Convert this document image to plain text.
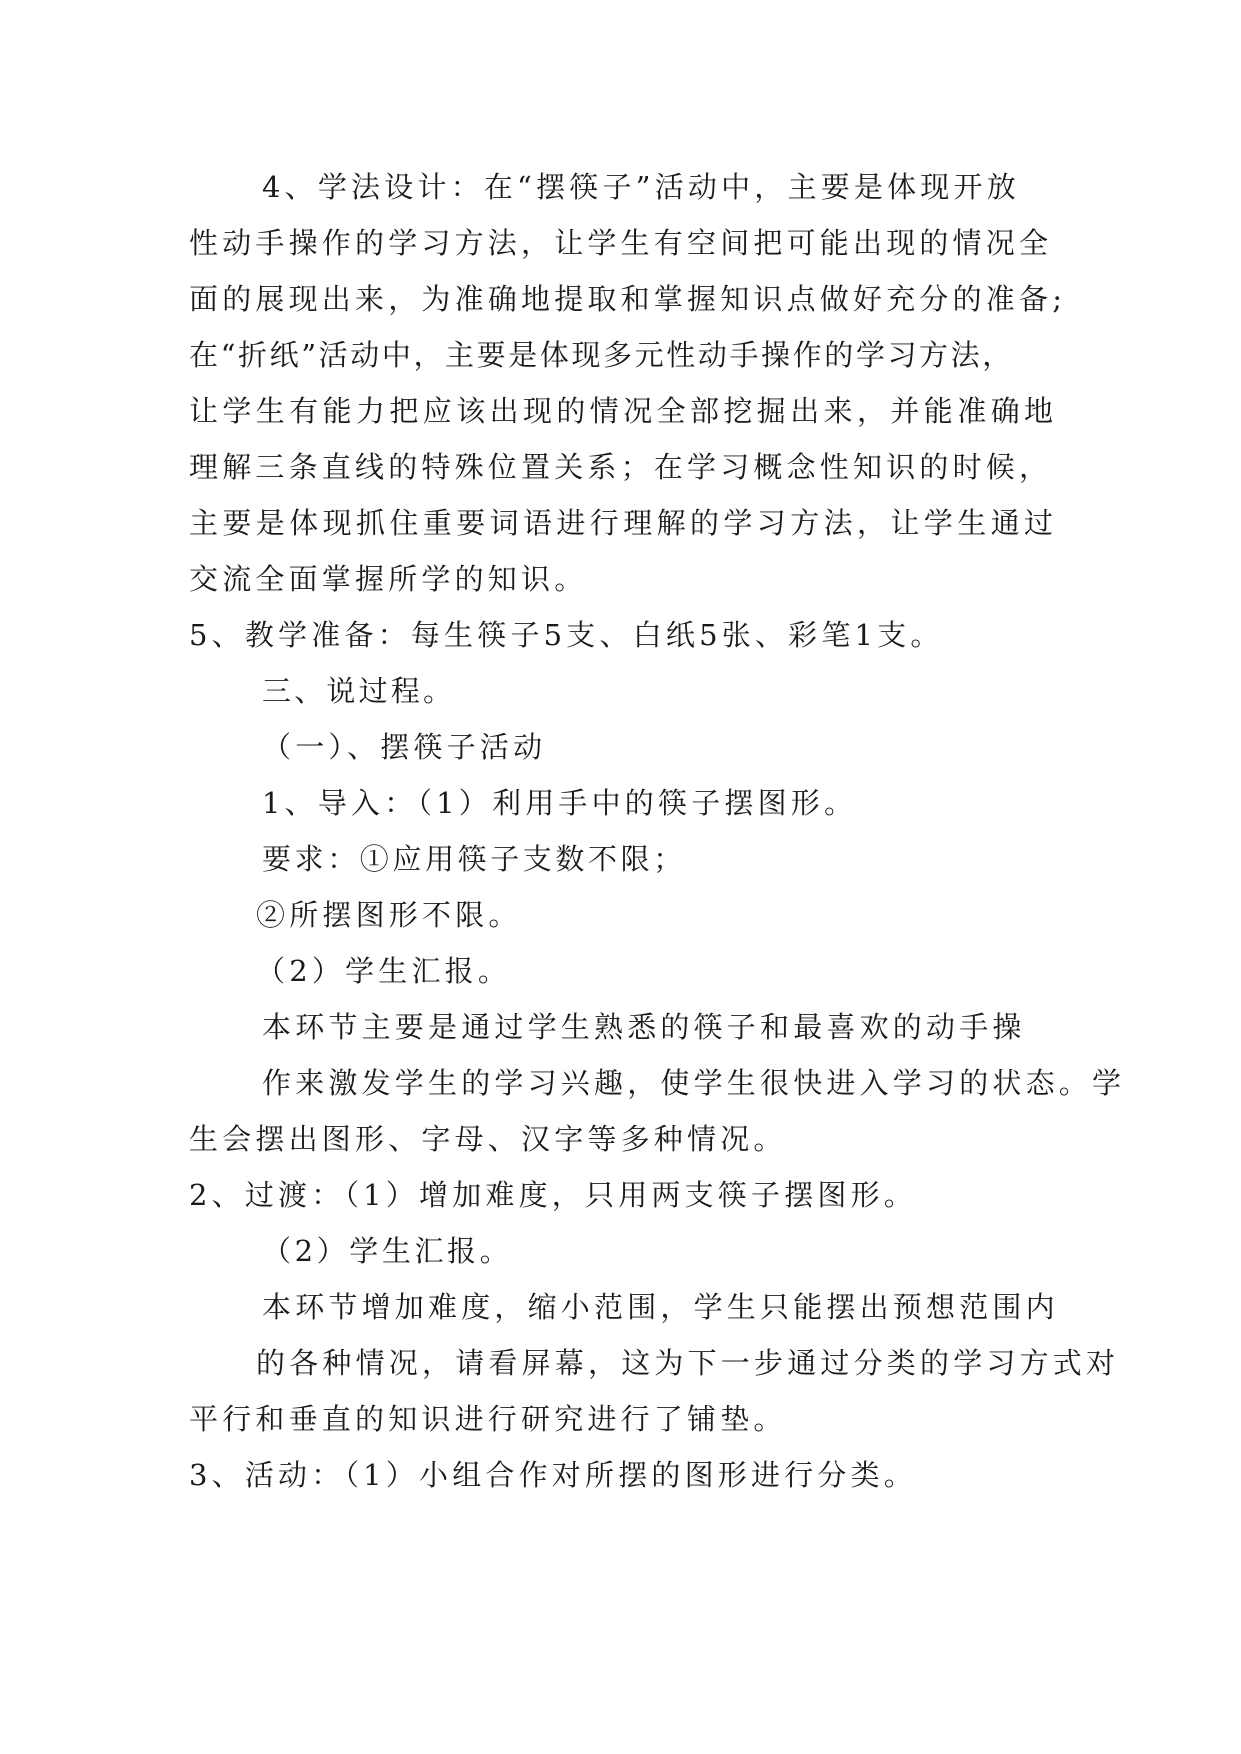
4、学法设计：在“摆筷子”活动中，主要是体现开放
性动手操作的学习方法，让学生有空间把可能出现的情况全
面的展现出来，为准确地提取和掌握知识点做好充分的准备;
在“折纸”活动中，主要是体现多元性动手操作的学习方法，
让学生有能力把应该出现的情况全部挖掘出来，并能准确地
理解三条直线的特殊位置关系；在学习概念性知识的时候，
主要是体现抓住重要词语进行理解的学习方法，让学生通过
交流全面掌握所学的知识。
5、教学准备：每生筷子5支、白纸5张、彩笔1支。
三、说过程。
（一）、摆筷子活动
1、导入：（1）利用手中的筷子摆图形。
要求：①应用筷子支数不限；
②所摆图形不限。
（2）学生汇报。
本环节主要是通过学生熟悉的筷子和最喜欢的动手操
作来激发学生的学习兴趣，使学生很快进入学习的状态。学
生会摆出图形、字母、汉字等多种情况。
2、过渡：（1）增加难度，只用两支筷子摆图形。
（2）学生汇报。
本环节增加难度，缩小范围，学生只能摆出预想范围内
的各种情况，请看屏幕，这为下一步通过分类的学习方式对
平行和垂直的知识进行研究进行了铺垫。
3、活动：（1）小组合作对所摆的图形进行分类。
